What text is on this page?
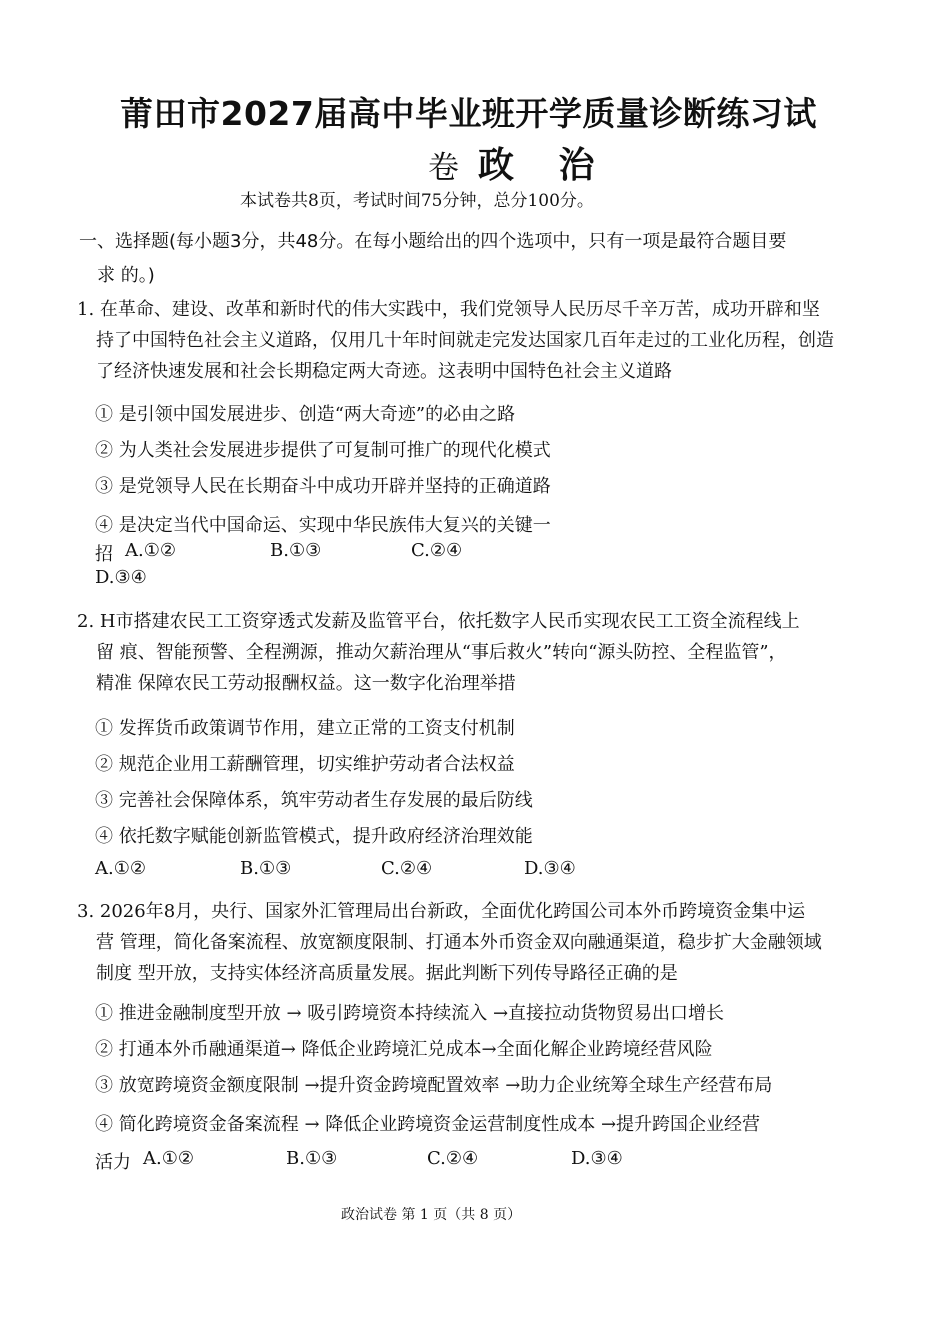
莆田市2027届高中毕业班开学质量诊断练习试
卷 政 治
本试卷共8页，考试时间75分钟，总分100分。
一、选择题(每小题3分，共48分。在每小题给出的四个选项中，只有一项是最符合题目要
求 的。)
1. 在革命、建设、改革和新时代的伟大实践中，我们党领导人民历尽千辛万苦，成功开辟和坚
持了中国特色社会主义道路，仅用几十年时间就走完发达国家几百年走过的工业化历程，创造
了经济快速发展和社会长期稳定两大奇迹。这表明中国特色社会主义道路
① 是引领中国发展进步、创造“两大奇迹”的必由之路
② 为人类社会发展进步提供了可复制可推广的现代化模式
③ 是党领导人民在长期奋斗中成功开辟并坚持的正确道路
④ 是决定当代中国命运、实现中华民族伟大复兴的关键一
招 A.①②	B.①③	C.②④
D.③④
2. H市搭建农民工工资穿透式发薪及监管平台，依托数字人民币实现农民工工资全流程线上
留 痕、智能预警、全程溯源，推动欠薪治理从“事后救火”转向“源头防控、全程监管”，
精准 保障农民工劳动报酬权益。这一数字化治理举措
① 发挥货币政策调节作用，建立正常的工资支付机制
② 规范企业用工薪酬管理，切实维护劳动者合法权益
③ 完善社会保障体系，筑牢劳动者生存发展的最后防线
④ 依托数字赋能创新监管模式，提升政府经济治理效能
A.①②	B.①③	C.②④	D.③④
3. 2026年8月，央行、国家外汇管理局出台新政，全面优化跨国公司本外币跨境资金集中运
营 管理，简化备案流程、放宽额度限制、打通本外币资金双向融通渠道，稳步扩大金融领域
制度 型开放，支持实体经济高质量发展。据此判断下列传导路径正确的是
① 推进金融制度型开放 → 吸引跨境资本持续流入 →直接拉动货物贸易出口增长
② 打通本外币融通渠道→ 降低企业跨境汇兑成本→全面化解企业跨境经营风险
③ 放宽跨境资金额度限制 →提升资金跨境配置效率 →助力企业统筹全球生产经营布局
④ 简化跨境资金备案流程 → 降低企业跨境资金运营制度性成本 →提升跨国企业经营
活力 A.①②	B.①③	C.②④	D.③④
政治试卷 第 1 页（共 8 页）
